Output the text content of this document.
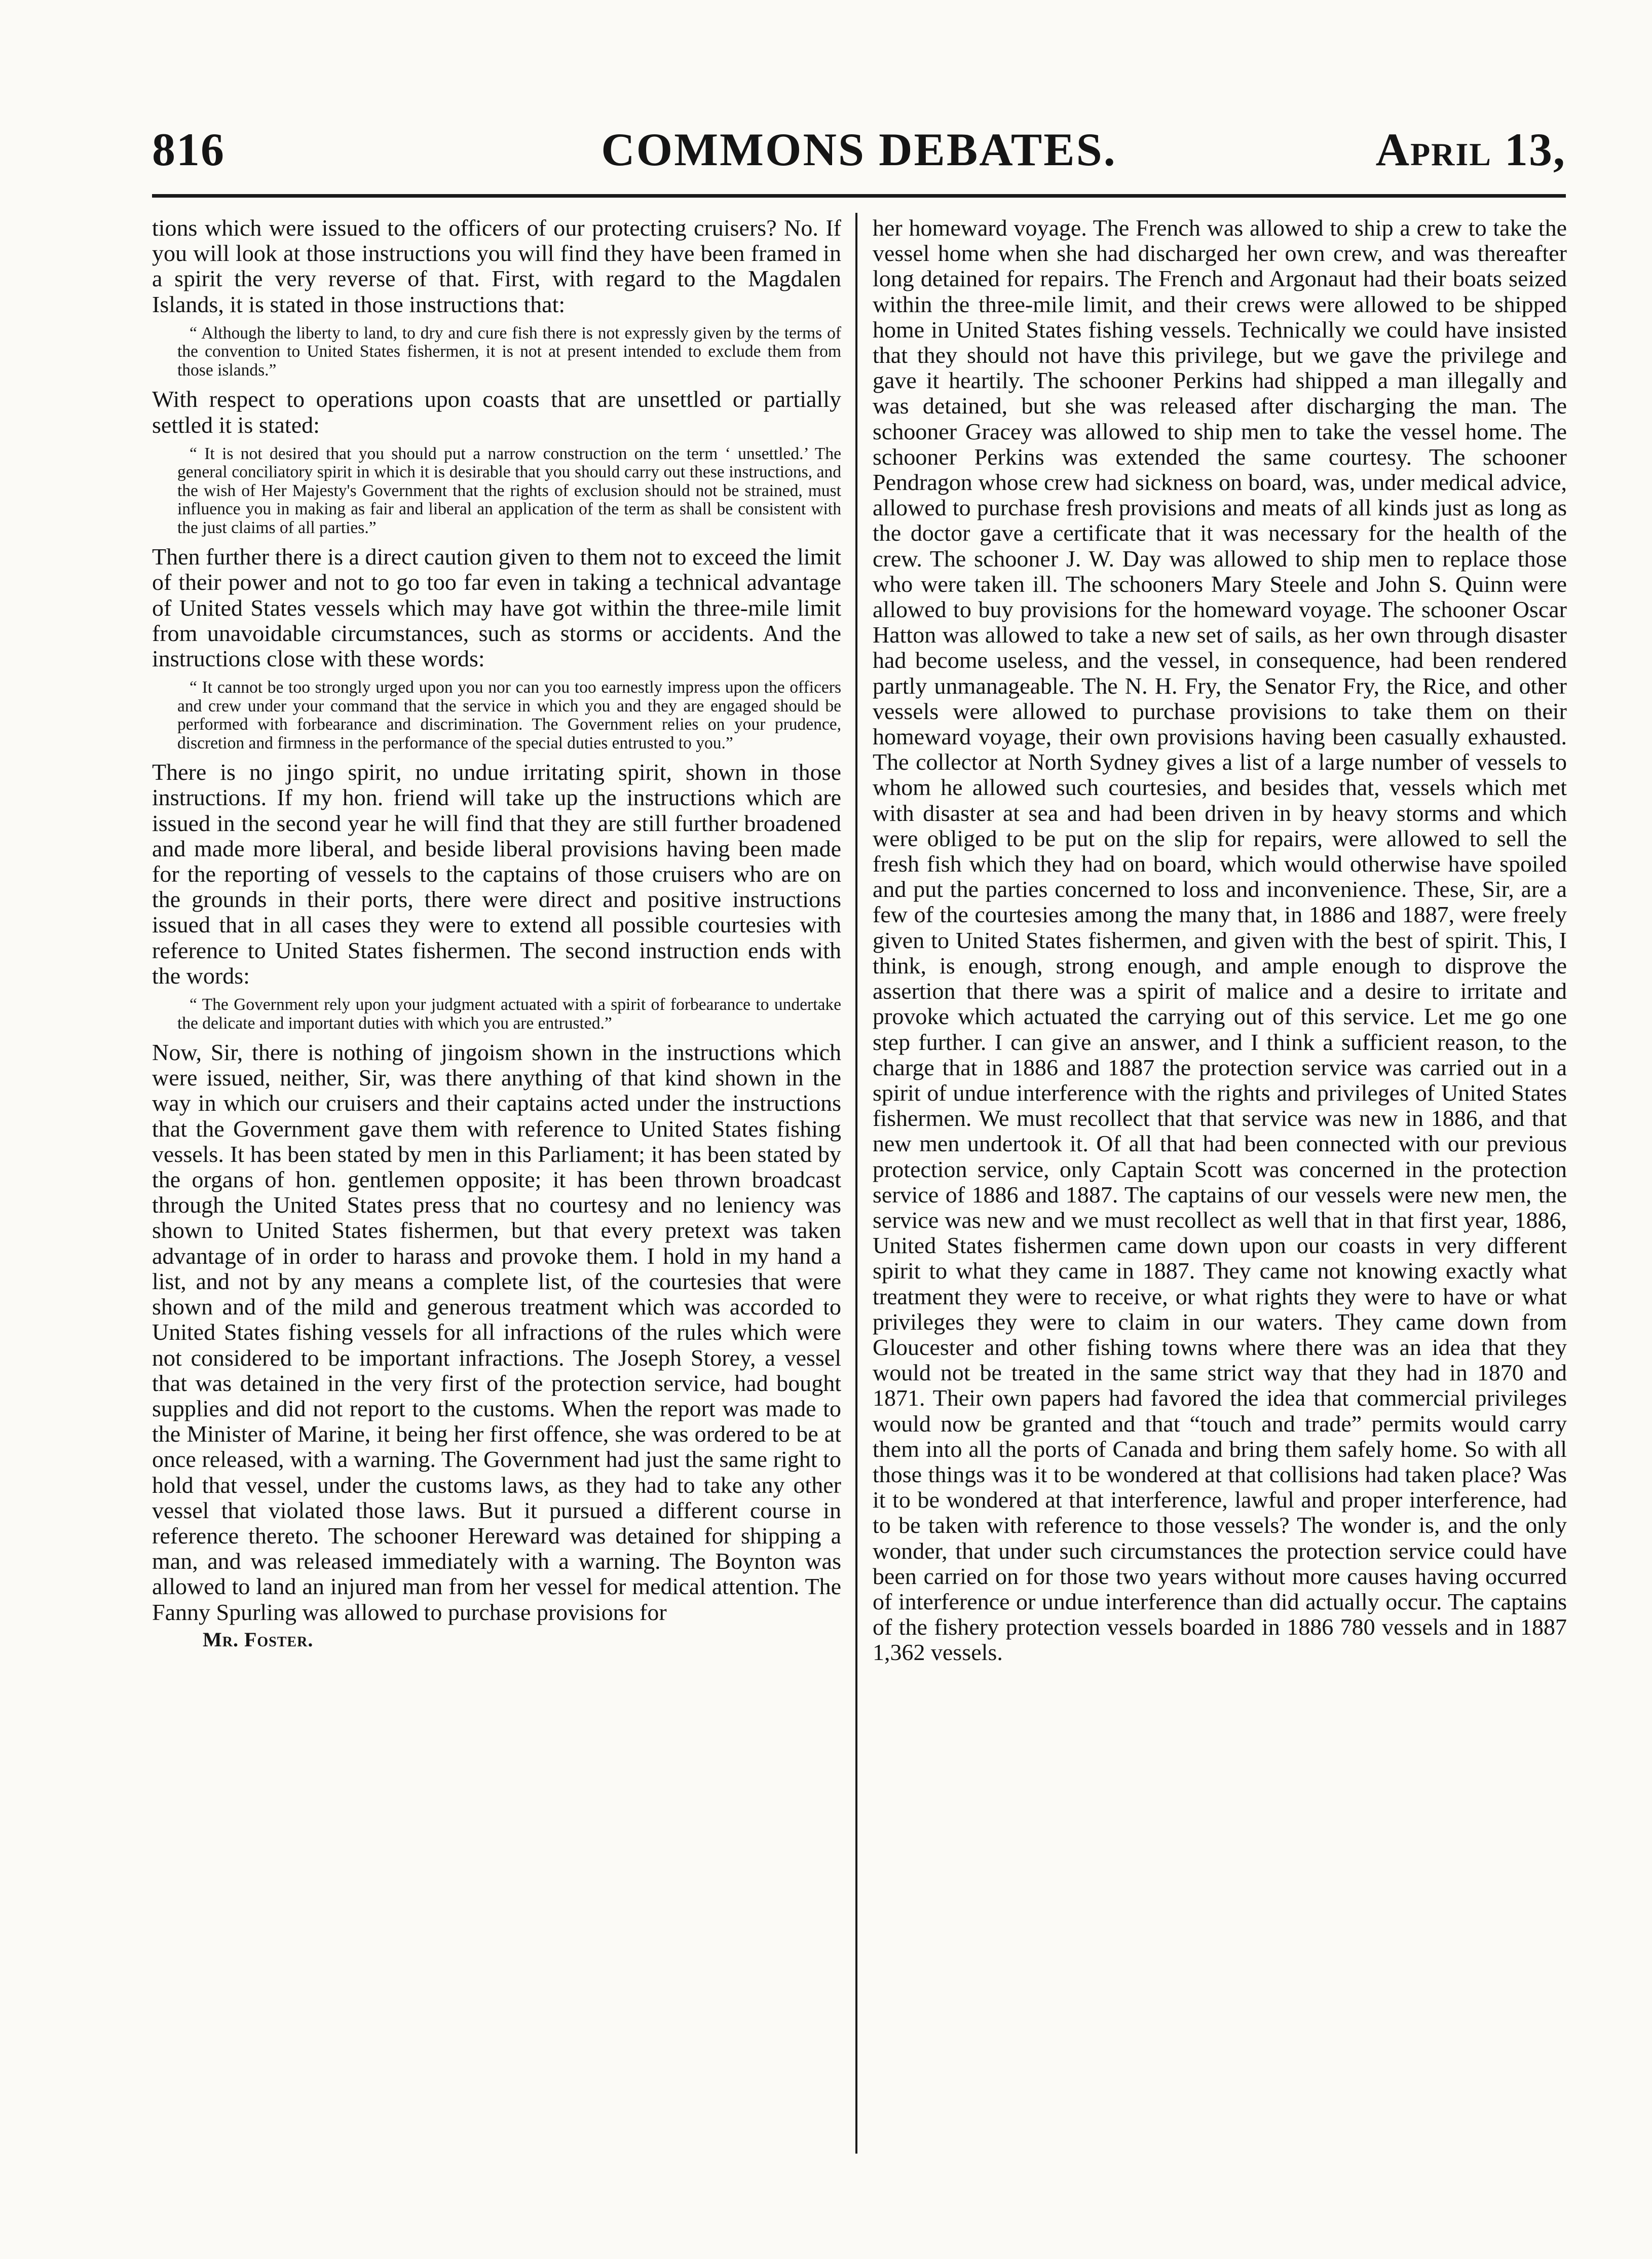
COMMONS DEBATES.
816	April 13,

tions which were issued to the officers of our protecting cruisers? No. If you will look at those instructions you will find they have been framed in a spirit the very reverse of that. First, with regard to the Magdalen Islands, it is stated in those instructions that:

“ Although the liberty to land, to dry and cure fish there is not expressly given by the terms of the convention to United States fishermen, it is not at present intended to exclude them from those islands.”

With respect to operations upon coasts that are unsettled or partially settled it is stated:

“ It is not desired that you should put a narrow construction on the term ‘ unsettled.’ The general conciliatory spirit in which it is desirable that you should carry out these instructions, and the wish of Her Majesty's Government that the rights of exclusion should not be strained, must influence you in making as fair and liberal an application of the term as shall be consistent with the just claims of all parties.”

Then further there is a direct caution given to them not to exceed the limit of their power and not to go too far even in taking a technical advantage of United States vessels which may have got within the three-mile limit from unavoidable circumstances, such as storms or accidents. And the instructions close with these words:

“ It cannot be too strongly urged upon you nor can you too earnestly impress upon the officers and crew under your command that the service in which you and they are engaged should be performed with forbearance and discrimination. The Government relies on your prudence, discretion and firmness in the performance of the special duties entrusted to you.”

There is no jingo spirit, no undue irritating spirit, shown in those instructions. If my hon. friend will take up the instructions which are issued in the second year he will find that they are still further broadened and made more liberal, and beside liberal provisions having been made for the reporting of vessels to the captains of those cruisers who are on the grounds in their ports, there were direct and positive instructions issued that in all cases they were to extend all possible courtesies with reference to United States fishermen. The second instruction ends with the words:

“ The Government rely upon your judgment actuated with a spirit of forbearance to undertake the delicate and important duties with which you are entrusted.”

Now, Sir, there is nothing of jingoism shown in the instructions which were issued, neither, Sir, was there anything of that kind shown in the way in which our cruisers and their captains acted under the instructions that the Government gave them with reference to United States fishing vessels. It has been stated by men in this Parliament; it has been stated by the organs of hon. gentlemen opposite; it has been thrown broadcast through the United States press that no courtesy and no leniency was shown to United States fishermen, but that every pretext was taken advantage of in order to harass and provoke them. I hold in my hand a list, and not by any means a complete list, of the courtesies that were shown and of the mild and generous treatment which was accorded to United States fishing vessels for all infractions of the rules which were not considered to be important infractions. The Joseph Storey, a vessel that was detained in the very first of the protection service, had bought supplies and did not report to the customs. When the report was made to the Minister of Marine, it being her first offence, she was ordered to be at once released, with a warning. The Government had just the same right to hold that vessel, under the customs laws, as they had to take any other vessel that violated those laws. But it pursued a different course in reference thereto. The schooner Hereward was detained for shipping a man, and was released immediately with a warning. The Boynton was allowed to land an injured man from her vessel for medical attention. The Fanny Spurling was allowed to purchase provisions for

Mr. Foster.

her homeward voyage. The French was allowed to ship a crew to take the vessel home when she had discharged her own crew, and was thereafter long detained for repairs. The French and Argonaut had their boats seized within the three-mile limit, and their crews were allowed to be shipped home in United States fishing vessels. Technically we could have insisted that they should not have this privilege, but we gave the privilege and gave it heartily. The schooner Perkins had shipped a man illegally and was detained, but she was released after discharging the man. The schooner Gracey was allowed to ship men to take the vessel home. The schooner Perkins was extended the same courtesy. The schooner Pendragon whose crew had sickness on board, was, under medical advice, allowed to purchase fresh provisions and meats of all kinds just as long as the doctor gave a certificate that it was necessary for the health of the crew. The schooner J. W. Day was allowed to ship men to replace those who were taken ill. The schooners Mary Steele and John S. Quinn were allowed to buy provisions for the homeward voyage. The schooner Oscar Hatton was allowed to take a new set of sails, as her own through disaster had become useless, and the vessel, in consequence, had been rendered partly unmanageable. The N. H. Fry, the Senator Fry, the Rice, and other vessels were allowed to purchase provisions to take them on their homeward voyage, their own provisions having been casually exhausted. The collector at North Sydney gives a list of a large number of vessels to whom he allowed such courtesies, and besides that, vessels which met with disaster at sea and had been driven in by heavy storms and which were obliged to be put on the slip for repairs, were allowed to sell the fresh fish which they had on board, which would otherwise have spoiled and put the parties concerned to loss and inconvenience. These, Sir, are a few of the courtesies among the many that, in 1886 and 1887, were freely given to United States fishermen, and given with the best of spirit. This, I think, is enough, strong enough, and ample enough to disprove the assertion that there was a spirit of malice and a desire to irritate and provoke which actuated the carrying out of this service. Let me go one step further. I can give an answer, and I think a sufficient reason, to the charge that in 1886 and 1887 the protection service was carried out in a spirit of undue interference with the rights and privileges of United States fishermen. We must recollect that that service was new in 1886, and that new men undertook it. Of all that had been connected with our previous protection service, only Captain Scott was concerned in the protection service of 1886 and 1887. The captains of our vessels were new men, the service was new and we must recollect as well that in that first year, 1886, United States fishermen came down upon our coasts in very different spirit to what they came in 1887. They came not knowing exactly what treatment they were to receive, or what rights they were to have or what privileges they were to claim in our waters. They came down from Gloucester and other fishing towns where there was an idea that they would not be treated in the same strict way that they had in 1870 and 1871. Their own papers had favored the idea that commercial privileges would now be granted and that “touch and trade” permits would carry them into all the ports of Canada and bring them safely home. So with all those things was it to be wondered at that collisions had taken place? Was it to be wondered at that interference, lawful and proper interference, had to be taken with reference to those vessels? The wonder is, and the only wonder, that under such circumstances the protection service could have been carried on for those two years without more causes having occurred of interference or undue interference than did actually occur. The captains of the fishery protection vessels boarded in 1886 780 vessels and in 1887 1,362 vessels.
